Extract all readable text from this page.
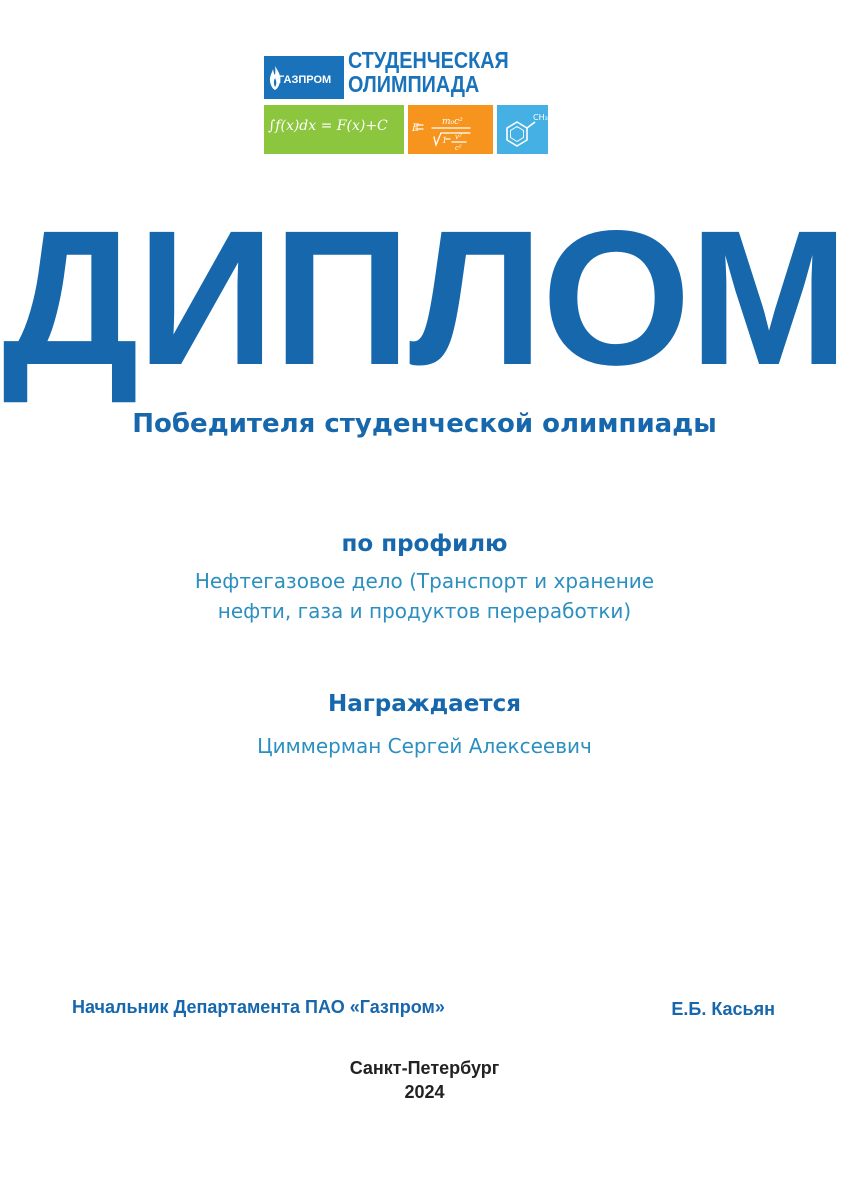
ГАЗПРОМ
СТУДЕНЧЕСКАЯ
ОЛИМПИАДА
∫f(x)dx = F(x)+C E
m₀c²
1 v²
c²
CH₃
ДИПЛОМ
Победителя студенческой олимпиады
по профилю
Нефтегазовое дело (Транспорт и хранение
нефти, газа и продуктов переработки)
Награждается
Циммерман Сергей Алексеевич
Начальник Департамента ПАО «Газпром»	Е.Б. Касьян
Санкт-Петербург
2024
